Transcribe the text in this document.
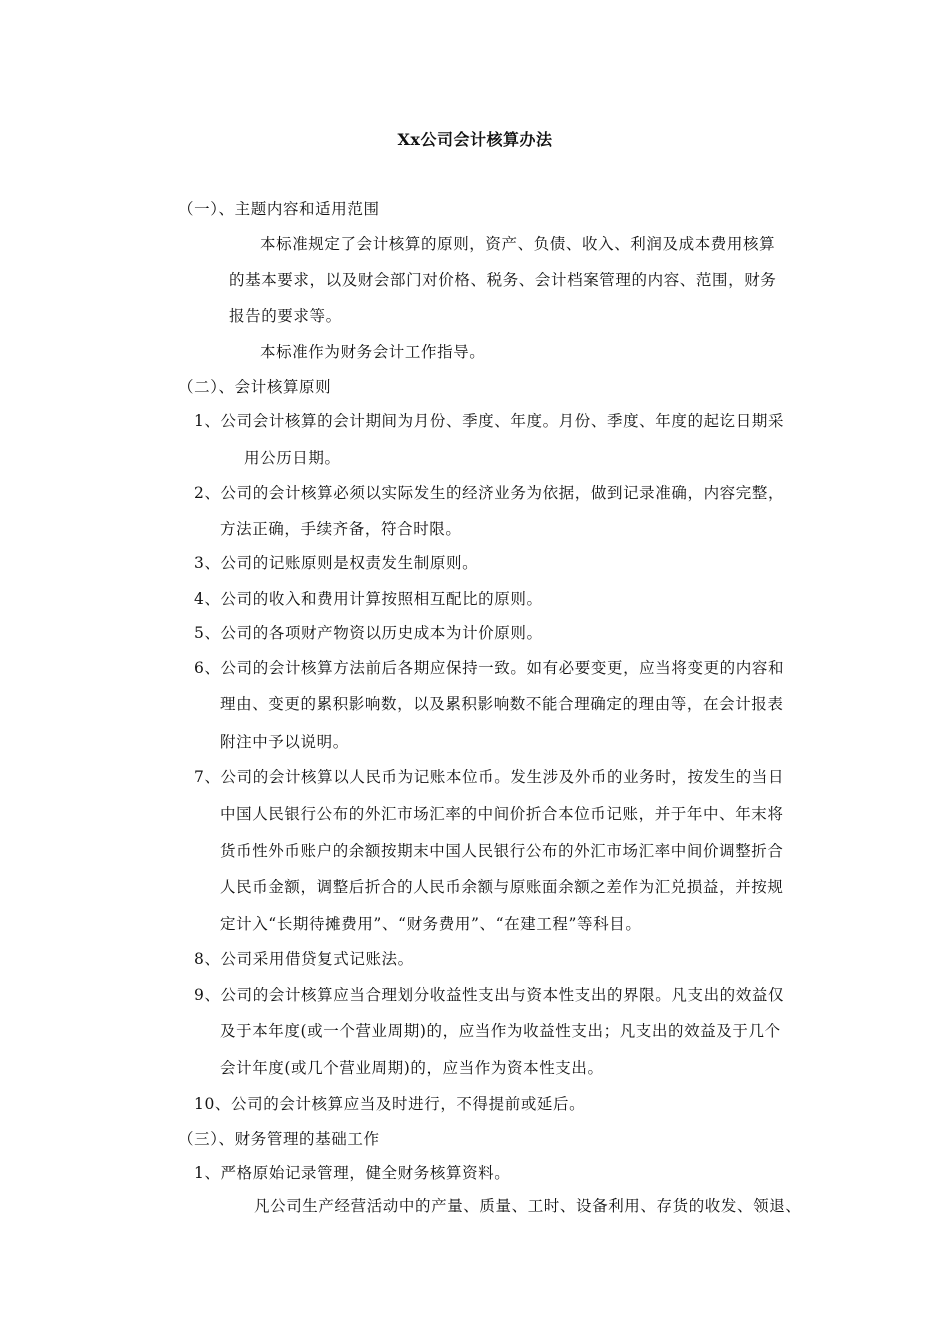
Xx公司会计核算办法
（一）、主题内容和适用范围
本标准规定了会计核算的原则，资产、负债、收入、利润及成本费用核算
的基本要求，以及财会部门对价格、税务、会计档案管理的内容、范围，财务
报告的要求等。
本标准作为财务会计工作指导。
（二）、会计核算原则
1、公司会计核算的会计期间为月份、季度、年度。月份、季度、年度的起讫日期采
用公历日期。
2、公司的会计核算必须以实际发生的经济业务为依据，做到记录准确，内容完整，
方法正确，手续齐备，符合时限。
3、公司的记账原则是权责发生制原则。
4、公司的收入和费用计算按照相互配比的原则。
5、公司的各项财产物资以历史成本为计价原则。
6、公司的会计核算方法前后各期应保持一致。如有必要变更，应当将变更的内容和
理由、变更的累积影响数，以及累积影响数不能合理确定的理由等，在会计报表
附注中予以说明。
7、公司的会计核算以人民币为记账本位币。发生涉及外币的业务时，按发生的当日
中国人民银行公布的外汇市场汇率的中间价折合本位币记账，并于年中、年末将
货币性外币账户的余额按期末中国人民银行公布的外汇市场汇率中间价调整折合
人民币金额，调整后折合的人民币余额与原账面余额之差作为汇兑损益，并按规
定计入“长期待摊费用”、“财务费用”、“在建工程”等科目。
8、公司采用借贷复式记账法。
9、公司的会计核算应当合理划分收益性支出与资本性支出的界限。凡支出的效益仅
及于本年度(或一个营业周期)的，应当作为收益性支出；凡支出的效益及于几个
会计年度(或几个营业周期)的，应当作为资本性支出。
10、公司的会计核算应当及时进行，不得提前或延后。
（三）、财务管理的基础工作
1、严格原始记录管理，健全财务核算资料。
凡公司生产经营活动中的产量、质量、工时、设备利用、存货的收发、领退、
